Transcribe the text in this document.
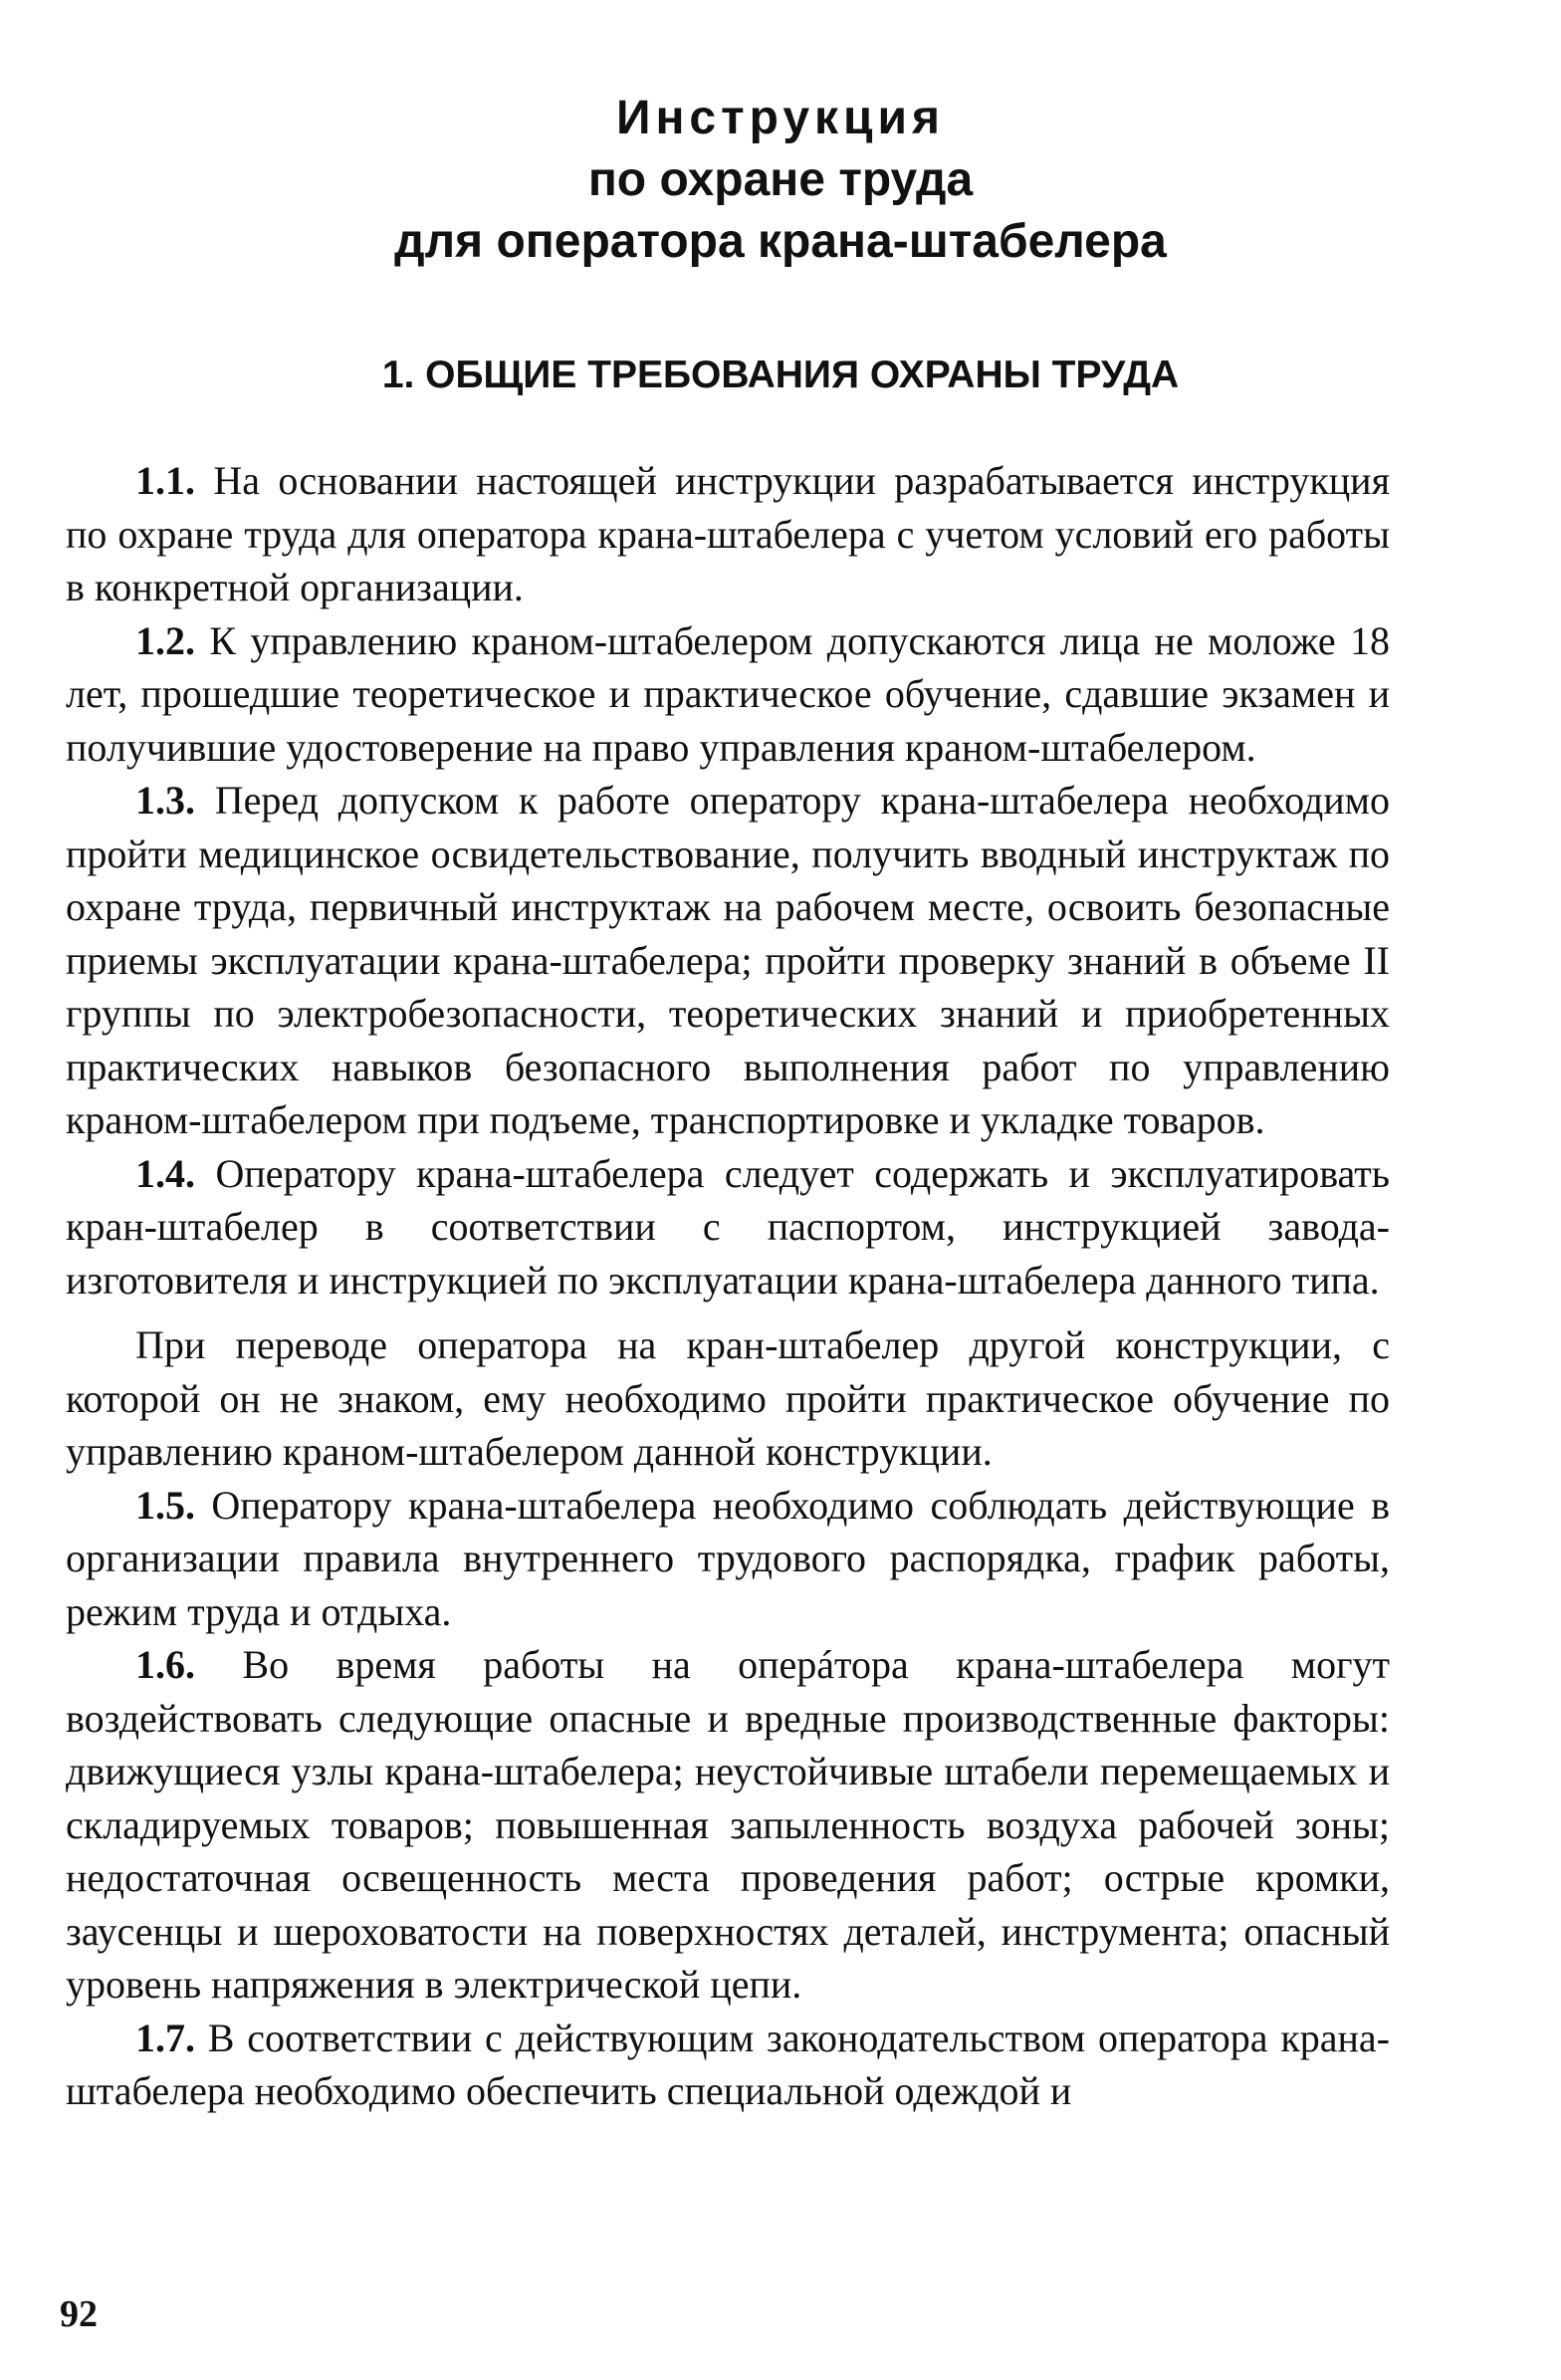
Инструкция
по охране труда
для оператора крана-штабелера
1. ОБЩИЕ ТРЕБОВАНИЯ ОХРАНЫ ТРУДА

1.1. На основании настоящей инструкции разрабатывается инструкция по охране труда для оператора крана-штабелера с учетом условий его работы в конкретной организации.

1.2. К управлению краном-штабелером допускаются лица не моложе 18 лет, прошедшие теоретическое и практическое обучение, сдавшие экзамен и получившие удостоверение на право управления краном-штабелером.

1.3. Перед допуском к работе оператору крана-штабелера необходимо пройти медицинское освидетельствование, получить вводный инструктаж по охране труда, первичный инструктаж на рабочем месте, освоить безопасные приемы эксплуатации крана-штабелера; пройти проверку знаний в объеме II группы по электробезопасности, теоретических знаний и приобретенных практических навыков безопасного выполнения работ по управлению краном-штабелером при подъеме, транспортировке и укладке товаров.

1.4. Оператору крана-штабелера следует содержать и эксплуатировать кран-штабелер в соответствии с паспортом, инструкцией завода-изготовителя и инструкцией по эксплуатации крана-штабелера данного типа.

При переводе оператора на кран-штабелер другой конструкции, с которой он не знаком, ему необходимо пройти практическое обучение по управлению краном-штабелером данной конструкции.

1.5. Оператору крана-штабелера необходимо соблюдать действующие в организации правила внутреннего трудового распорядка, график работы, режим труда и отдыха.

1.6. Во время работы на оперáтора крана-штабелера могут воздействовать следующие опасные и вредные производственные факторы: движущиеся узлы крана-штабелера; неустойчивые штабели перемещаемых и складируемых товаров; повышенная запыленность воздуха рабочей зоны; недостаточная освещенность места проведения работ; острые кромки, заусенцы и шероховатости на поверхностях деталей, инструмента; опасный уровень напряжения в электрической цепи.

1.7. В соответствии с действующим законодательством оператора крана-штабелера необходимо обеспечить специальной одеждой и

92
